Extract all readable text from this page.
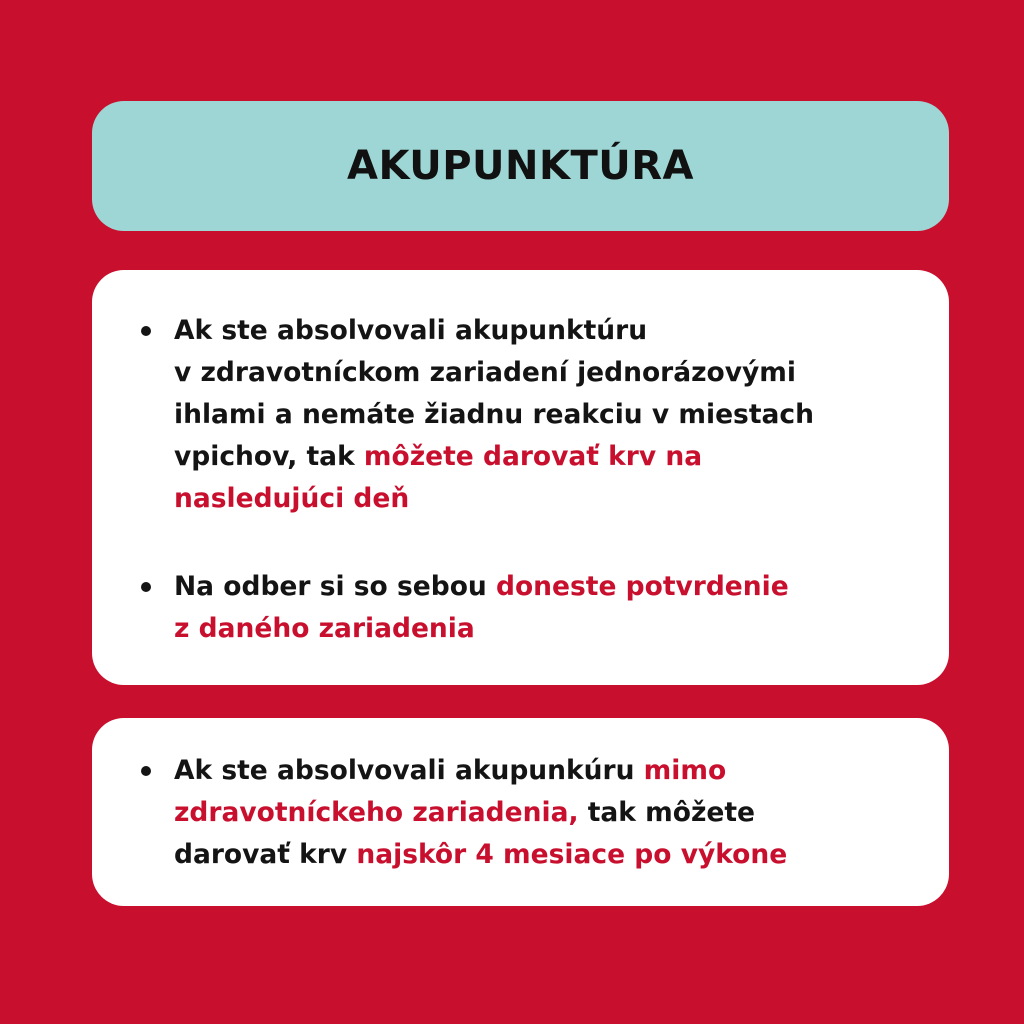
AKUPUNKTÚRA
Ak ste absolvovali akupunktúru
v zdravotníckom zariadení jednorázovými
ihlami a nemáte žiadnu reakciu v miestach
vpichov, tak môžete darovať krv na
nasledujúci deň
Na odber si so sebou doneste potvrdenie
z daného zariadenia
Ak ste absolvovali akupunkúru mimo
zdravotníckeho zariadenia, tak môžete
darovať krv najskôr 4 mesiace po výkone
